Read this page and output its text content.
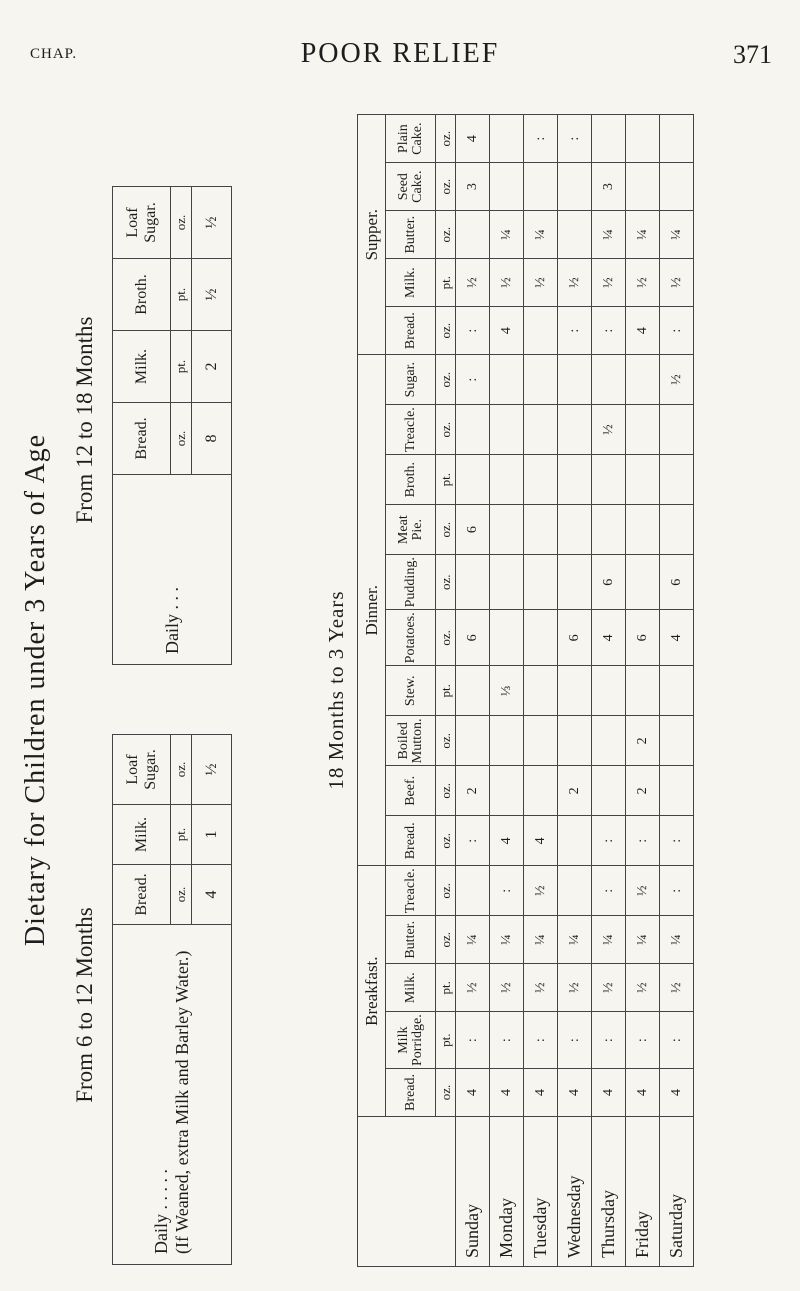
CHAP.	POOR RELIEF	371
Dietary for Children under 3 Years of Age
From 6 to 12 Months
From 12 to 18 Months
Daily . . . . . (If Weaned, extra Milk and Barley Water.)	Bread.	Milk.	Loaf Sugar.
	oz.	pt.	oz.
	4	1	½
Daily . . .	Bread.	Milk.	Broth.	Loaf Sugar.
	oz.	pt.	pt.	oz.
	8	2	½	½
18 Months to 3 Years
	Breakfast.					Dinner.										Supper.				
	Bread.	Milk Porridge.	Milk.	Butter.	Treacle.	Bread.	Beef.	Boiled Mutton.	Stew.	Potatoes.	Pudding.	Meat Pie.	Broth.	Treacle.	Sugar.	Bread.	Milk.	Butter.	Seed Cake.	Plain Cake.
	oz.	pt.	pt.	oz.	oz.	oz.	oz.	oz.	pt.	oz.	oz.	oz.	pt.	oz.	oz.	oz.	pt.	oz.	oz.	oz.
Sunday	4	:	½	¼		:	2			6		6			:	:	½		3	4
Monday	4	:	½	¼	:	4			⅓							4	½	¼		
Tuesday	4	:	½	¼	½	4											½	¼		:
Wednesday	4	:	½	¼			2			6						:	½			:
Thursday	4	:	½	¼	:	:				4	6			½		:	½	¼	3	
Friday	4	:	½	¼	½	:	2	2		6						4	½	¼		
Saturday	4	:	½	¼	:	:				4	6				½	:	½	¼		
